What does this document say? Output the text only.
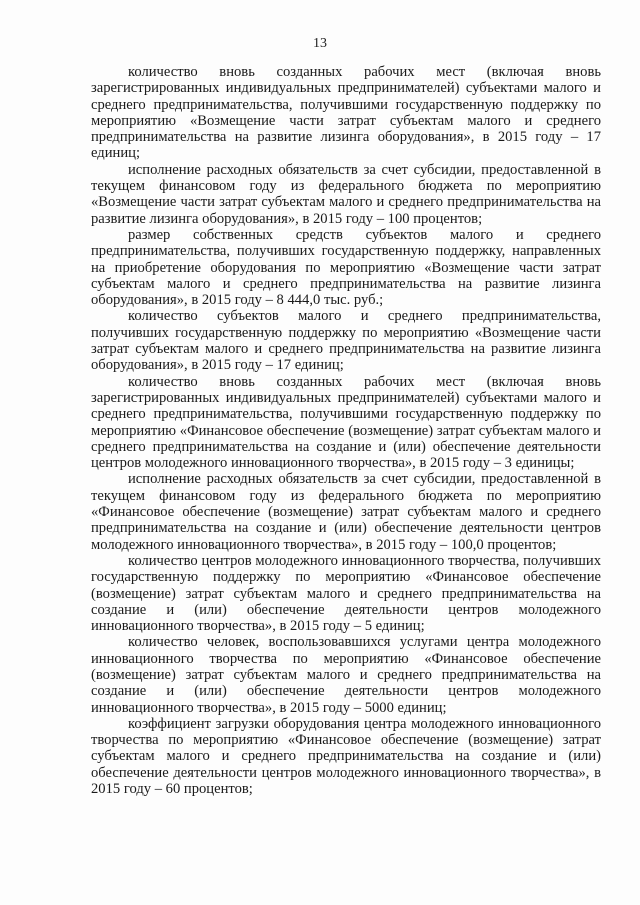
13

количество вновь созданных рабочих мест (включая вновь зарегистрированных индивидуальных предпринимателей) субъектами малого и среднего предпринимательства, получившими государственную поддержку по мероприятию «Возмещение части затрат субъектам малого и среднего предпринимательства на развитие лизинга оборудования», в 2015 году – 17 единиц;

исполнение расходных обязательств за счет субсидии, предоставленной в текущем финансовом году из федерального бюджета по мероприятию «Возмещение части затрат субъектам малого и среднего предпринимательства на развитие лизинга оборудования», в 2015 году – 100 процентов;

размер собственных средств субъектов малого и среднего предпринимательства, получивших государственную поддержку, направленных на приобретение оборудования по мероприятию «Возмещение части затрат субъектам малого и среднего предпринимательства на развитие лизинга оборудования», в 2015 году – 8 444,0 тыс. руб.;

количество субъектов малого и среднего предпринимательства, получивших государственную поддержку по мероприятию «Возмещение части затрат субъектам малого и среднего предпринимательства на развитие лизинга оборудования», в 2015 году – 17 единиц;

количество вновь созданных рабочих мест (включая вновь зарегистрированных индивидуальных предпринимателей) субъектами малого и среднего предпринимательства, получившими государственную поддержку по мероприятию «Финансовое обеспечение (возмещение) затрат субъектам малого и среднего предпринимательства на создание и (или) обеспечение деятельности центров молодежного инновационного творчества», в 2015 году – 3 единицы;

исполнение расходных обязательств за счет субсидии, предоставленной в текущем финансовом году из федерального бюджета по мероприятию «Финансовое обеспечение (возмещение) затрат субъектам малого и среднего предпринимательства на создание и (или) обеспечение деятельности центров молодежного инновационного творчества», в 2015 году – 100,0 процентов;

количество центров молодежного инновационного творчества, получивших государственную поддержку по мероприятию «Финансовое обеспечение (возмещение) затрат субъектам малого и среднего предпринимательства на создание и (или) обеспечение деятельности центров молодежного инновационного творчества», в 2015 году – 5 единиц;

количество человек, воспользовавшихся услугами центра молодежного инновационного творчества по мероприятию «Финансовое обеспечение (возмещение) затрат субъектам малого и среднего предпринимательства на создание и (или) обеспечение деятельности центров молодежного инновационного творчества», в 2015 году – 5000 единиц;

коэффициент загрузки оборудования центра молодежного инновационного творчества по мероприятию «Финансовое обеспечение (возмещение) затрат субъектам малого и среднего предпринимательства на создание и (или) обеспечение деятельности центров молодежного инновационного творчества», в 2015 году – 60 процентов;
